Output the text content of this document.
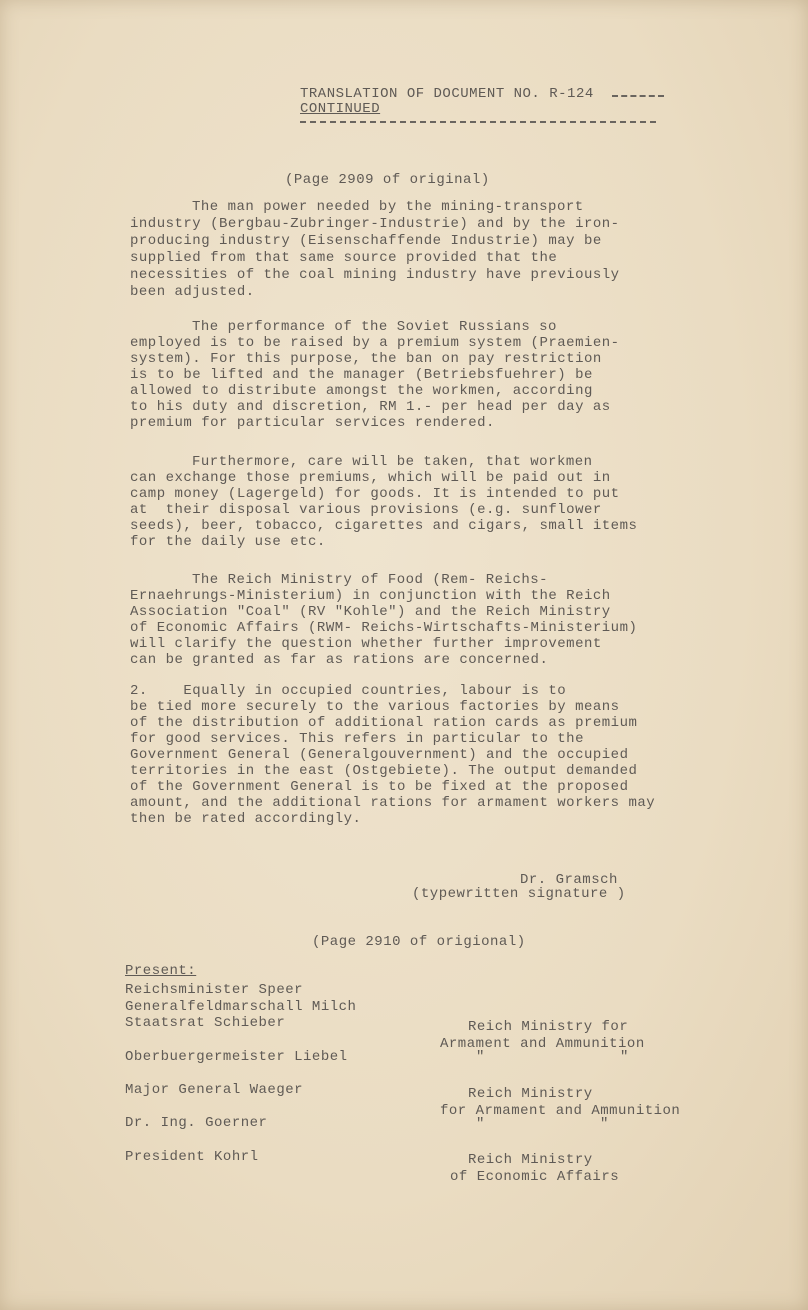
TRANSLATION OF DOCUMENT NO. R-124
CONTINUED
(Page 2909 of original)
The man power needed by the mining-transport
industry (Bergbau-Zubringer-Industrie) and by the iron-
producing industry (Eisenschaffende Industrie) may be
supplied from that same source provided that the
necessities of the coal mining industry have previously
been adjusted.
The performance of the Soviet Russians so
employed is to be raised by a premium system (Praemien-
system). For this purpose, the ban on pay restriction
is to be lifted and the manager (Betriebsfuehrer) be
allowed to distribute amongst the workmen, according
to his duty and discretion, RM 1.- per head per day as
premium for particular services rendered.
Furthermore, care will be taken, that workmen
can exchange those premiums, which will be paid out in
camp money (Lagergeld) for goods. It is intended to put
at  their disposal various provisions (e.g. sunflower
seeds), beer, tobacco, cigarettes and cigars, small items
for the daily use etc.
The Reich Ministry of Food (Rem- Reichs-
Ernaehrungs-Ministerium) in conjunction with the Reich
Association "Coal" (RV "Kohle") and the Reich Ministry
of Economic Affairs (RWM- Reichs-Wirtschafts-Ministerium)
will clarify the question whether further improvement
can be granted as far as rations are concerned.
2.    Equally in occupied countries, labour is to
be tied more securely to the various factories by means
of the distribution of additional ration cards as premium
for good services. This refers in particular to the
Government General (Generalgouvernment) and the occupied
territories in the east (Ostgebiete). The output demanded
of the Government General is to be fixed at the proposed
amount, and the additional rations for armament workers may
then be rated accordingly.
Dr. Gramsch
(typewritten signature )
(Page 2910 of origional)
Present:
Reichsminister Speer
Generalfeldmarschall Milch
Staatsrat Schieber
Oberbuergermeister Liebel
Major General Waeger
Dr. Ing. Goerner
President Kohrl
Reich Ministry for
Armament and Ammunition
"	"
Reich Ministry
for Armament and Ammunition
"	"
Reich Ministry
of Economic Affairs
